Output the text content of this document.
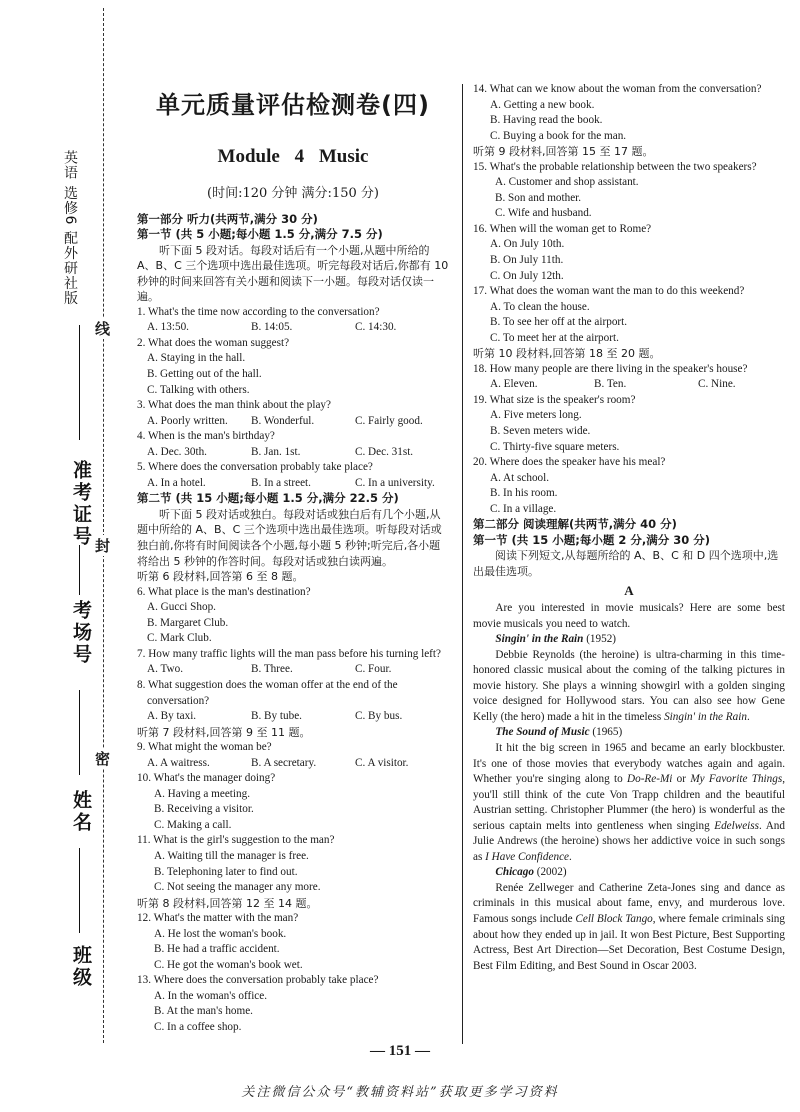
英语 选修6 配外研社版
准考证号
考场号
姓名
班级
线
封
密
单元质量评估检测卷(四)
Module 4 Music
(时间:120 分钟 满分:150 分)
第一部分 听力(共两节,满分 30 分)
第一节 (共 5 小题;每小题 1.5 分,满分 7.5 分)
听下面 5 段对话。每段对话后有一个小题,从题中所给的 A、B、C 三个选项中选出最佳选项。听完每段对话后,你都有 10 秒钟的时间来回答有关小题和阅读下一小题。每段对话仅读一遍。
1. What's the time now according to the conversation?
A. 13:50.	B. 14:05.	C. 14:30.
2. What does the woman suggest?
A. Staying in the hall.
B. Getting out of the hall.
C. Talking with others.
3. What does the man think about the play?
A. Poorly written.	B. Wonderful.	C. Fairly good.
4. When is the man's birthday?
A. Dec. 30th.	B. Jan. 1st.	C. Dec. 31st.
5. Where does the conversation probably take place?
A. In a hotel.	B. In a street.	C. In a university.
第二节 (共 15 小题;每小题 1.5 分,满分 22.5 分)
听下面 5 段对话或独白。每段对话或独白后有几个小题,从题中所给的 A、B、C 三个选项中选出最佳选项。听每段对话或独白前,你将有时间阅读各个小题,每小题 5 秒钟;听完后,各小题将给出 5 秒钟的作答时间。每段对话或独白读两遍。
听第 6 段材料,回答第 6 至 8 题。
6. What place is the man's destination?
A. Gucci Shop.
B. Margaret Club.
C. Mark Club.
7. How many traffic lights will the man pass before his turning left?
A. Two.	B. Three.	C. Four.
8. What suggestion does the woman offer at the end of the conversation?
A. By taxi.	B. By tube.	C. By bus.
听第 7 段材料,回答第 9 至 11 题。
9. What might the woman be?
A. A waitress.	B. A secretary.	C. A visitor.
10. What's the manager doing?
A. Having a meeting.
B. Receiving a visitor.
C. Making a call.
11. What is the girl's suggestion to the man?
A. Waiting till the manager is free.
B. Telephoning later to find out.
C. Not seeing the manager any more.
听第 8 段材料,回答第 12 至 14 题。
12. What's the matter with the man?
A. He lost the woman's book.
B. He had a traffic accident.
C. He got the woman's book wet.
13. Where does the conversation probably take place?
A. In the woman's office.
B. At the man's home.
C. In a coffee shop.
14. What can we know about the woman from the conversation?
A. Getting a new book.
B. Having read the book.
C. Buying a book for the man.
听第 9 段材料,回答第 15 至 17 题。
15. What's the probable relationship between the two speakers?
A. Customer and shop assistant.
B. Son and mother.
C. Wife and husband.
16. When will the woman get to Rome?
A. On July 10th.
B. On July 11th.
C. On July 12th.
17. What does the woman want the man to do this weekend?
A. To clean the house.
B. To see her off at the airport.
C. To meet her at the airport.
听第 10 段材料,回答第 18 至 20 题。
18. How many people are there living in the speaker's house?
A. Eleven.	B. Ten.	C. Nine.
19. What size is the speaker's room?
A. Five meters long.
B. Seven meters wide.
C. Thirty-five square meters.
20. Where does the speaker have his meal?
A. At school.
B. In his room.
C. In a village.
第二部分 阅读理解(共两节,满分 40 分)
第一节 (共 15 小题;每小题 2 分,满分 30 分)
阅读下列短文,从每题所给的 A、B、C 和 D 四个选项中,选出最佳选项。
A
Are you interested in movie musicals? Here are some best movie musicals you need to watch.
Singin' in the Rain (1952)
Debbie Reynolds (the heroine) is ultra-charming in this time-honored classic musical about the coming of the talking pictures in movie history. She plays a winning showgirl with a golden singing voice designed for Hollywood stars. You can also see how Gene Kelly (the hero) made a hit in the timeless Singin' in the Rain.
The Sound of Music (1965)
It hit the big screen in 1965 and became an early blockbuster. It's one of those movies that everybody watches again and again. Whether you're singing along to Do-Re-Mi or My Favorite Things, you'll still think of the cute Von Trapp children and the beautiful Austrian setting. Christopher Plummer (the hero) is wonderful as the serious captain melts into gentleness when singing Edelweiss. And Julie Andrews (the heroine) shows her addictive voice in such songs as I Have Confidence.
Chicago (2002)
Renée Zellweger and Catherine Zeta-Jones sing and dance as criminals in this musical about fame, envy, and murderous love. Famous songs include Cell Block Tango, where female criminals sing about how they ended up in jail. It won Best Picture, Best Supporting Actress, Best Art Direction—Set Decoration, Best Costume Design, Best Film Editing, and Best Sound in Oscar 2003.
— 151 —
关注微信公众号“教辅资料站”获取更多学习资料
